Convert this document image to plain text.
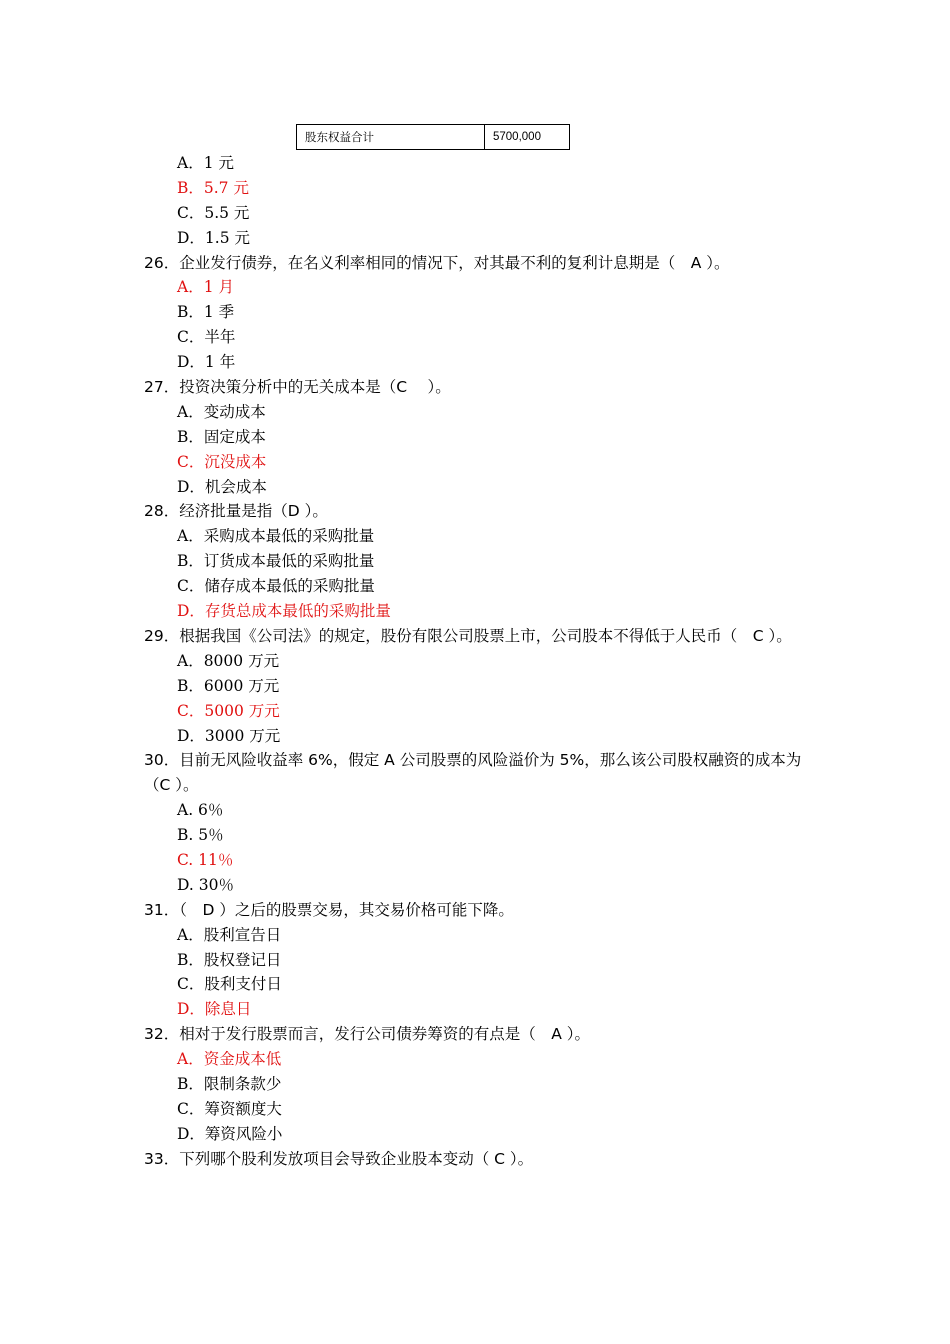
股东权益合计	5700,000
A．1 元
B．5.7 元
C．5.5 元
D．1.5 元
26．企业发行债券，在名义利率相同的情况下，对其最不利的复利计息期是（　A ）。
A．1 月
B．1 季
C．半年
D．1 年
27．投资决策分析中的无关成本是（C　 ）。
A．变动成本
B．固定成本
C．沉没成本
D．机会成本
28．经济批量是指（D ）。
A．采购成本最低的采购批量
B．订货成本最低的采购批量
C．储存成本最低的采购批量
D．存货总成本最低的采购批量
29．根据我国《公司法》的规定，股份有限公司股票上市，公司股本不得低于人民币（　C ）。
A．8000 万元
B．6000 万元
C．5000 万元
D．3000 万元
30．目前无风险收益率 6%，假定 A 公司股票的风险溢价为 5%，那么该公司股权融资的成本为（C ）。
A. 6％
B. 5％
C. 11％
D. 30％
31．（　D ）之后的股票交易，其交易价格可能下降。
A．股利宣告日
B．股权登记日
C．股利支付日
D．除息日
32．相对于发行股票而言，发行公司债券筹资的有点是（　A ）。
A．资金成本低
B．限制条款少
C．筹资额度大
D．筹资风险小
33．下列哪个股利发放项目会导致企业股本变动（ C ）。
